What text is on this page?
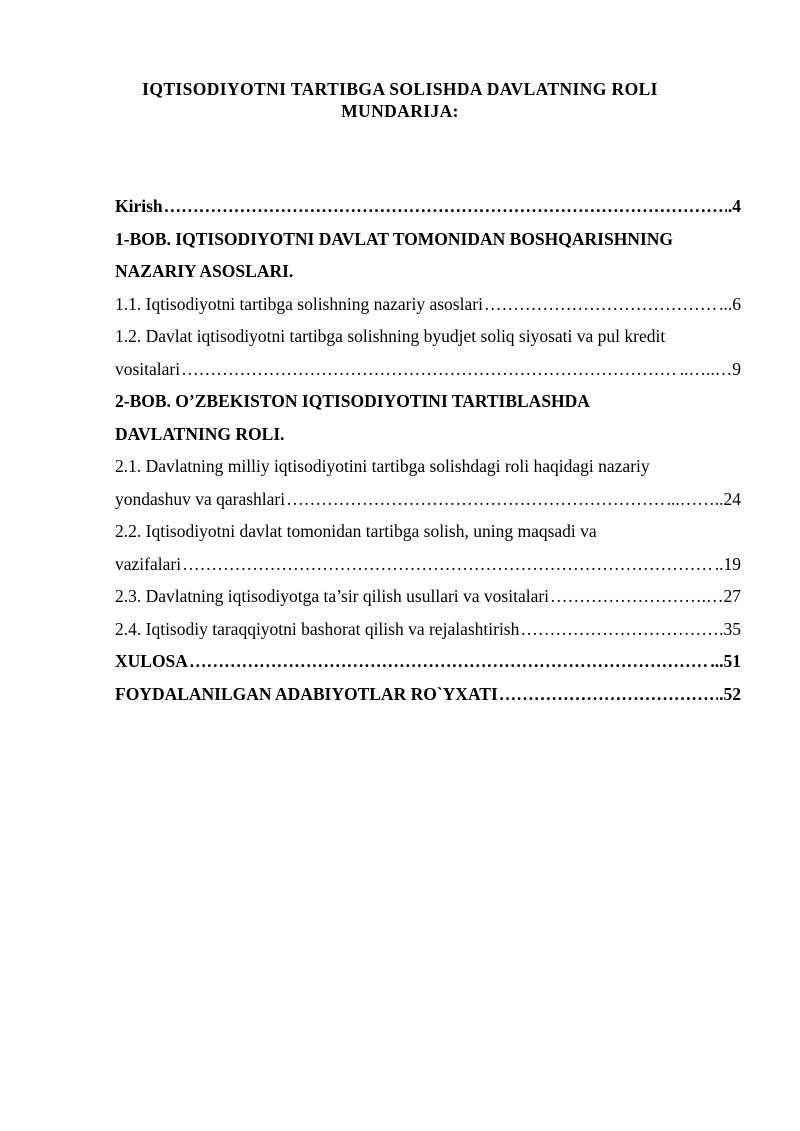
IQTISODIYOTNI TARTIBGA SOLISHDA DAVLATNING ROLI

MUNDARIJA:

Kirish ……………………………………………………………………………………………………………………………………………………………………	.4

1-BOB. IQTISODIYOTNI DAVLAT TOMONIDAN BOSHQARISHNING

NAZARIY ASOSLARI.

1.1. Iqtisodiyotni tartibga solishning nazariy asoslari ……………………………………………………………………………………………………………………………………………………………………	...6

1.2. Davlat iqtisodiyotni tartibga solishning byudjet soliq siyosati va pul kredit

vositalari ……………………………………………………………………………………………………………………………………………………………………	..…..…9

2-BOB. O’ZBEKISTON IQTISODIYOTINI TARTIBLASHDA

DAVLATNING ROLI.

2.1. Davlatning milliy iqtisodiyotini tartibga solishdagi roli haqidagi nazariy

yondashuv va qarashlari ……………………………………………………………………………………………………………………………………………………………………	...……..24

2.2. Iqtisodiyotni davlat tomonidan tartibga solish, uning maqsadi va

vazifalari ……………………………………………………………………………………………………………………………………………………………………	..19
2.3. Davlatning iqtisodiyotga ta’sir qilish usullari va vositalari ……………………………………………………………………………………………………………………………………………………………………	.…27
2.4. Iqtisodiy taraqqiyotni bashorat qilish va rejalashtirish ……………………………………………………………………………………………………………………………………………………………………	.35
XULOSA ……………………………………………………………………………………………………………………………………………………………………	...51
FOYDALANILGAN ADABIYOTLAR RO`YXATI ……………………………………………………………………………………………………………………………………………………………………	.52
